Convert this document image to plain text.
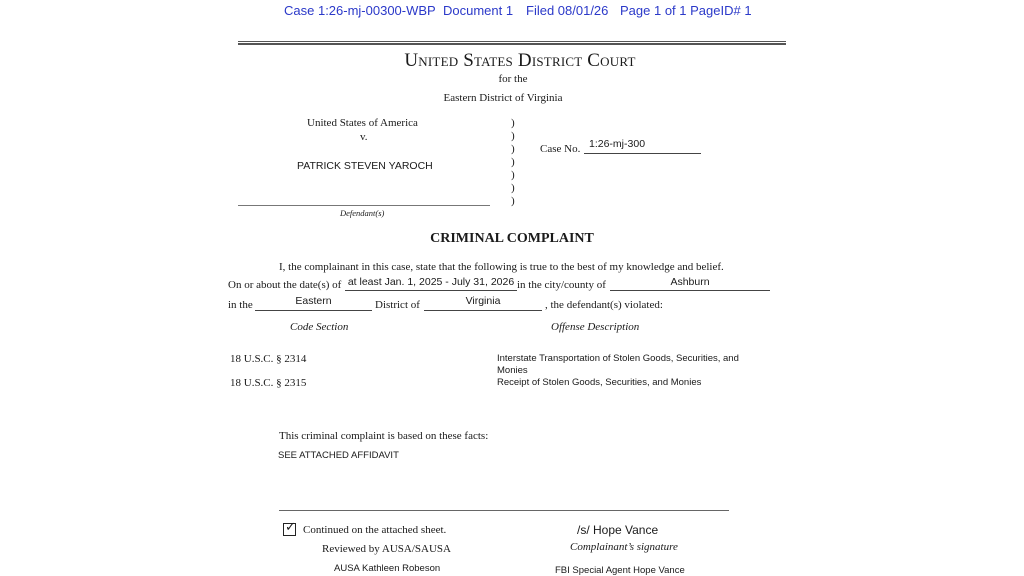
Case 1:26-mj-00300-WBP Document 1 Filed 08/01/26 Page 1 of 1 PageID# 1
United States District Court
for the
Eastern District of Virginia
United States of America
v.
PATRICK STEVEN YAROCH
Defendant(s)
)
)
)
)
)
)
)
Case No. 1:26-mj-300
CRIMINAL COMPLAINT
I, the complainant in this case, state that the following is true to the best of my knowledge and belief.
On or about the date(s) of at least Jan. 1, 2025 - July 31, 2026 in the city/county of	Ashburn
in the	Eastern	District of	Virginia	, the defendant(s) violated:
Code Section	Offense Description
18 U.S.C. § 2314	Interstate Transportation of Stolen Goods, Securities, and
Monies
18 U.S.C. § 2315	Receipt of Stolen Goods, Securities, and Monies
This criminal complaint is based on these facts:
SEE ATTACHED AFFIDAVIT
✓ Continued on the attached sheet.
Reviewed by AUSA/SAUSA
AUSA Kathleen Robeson
/s/ Hope Vance
Complainant’s signature
FBI Special Agent Hope Vance
